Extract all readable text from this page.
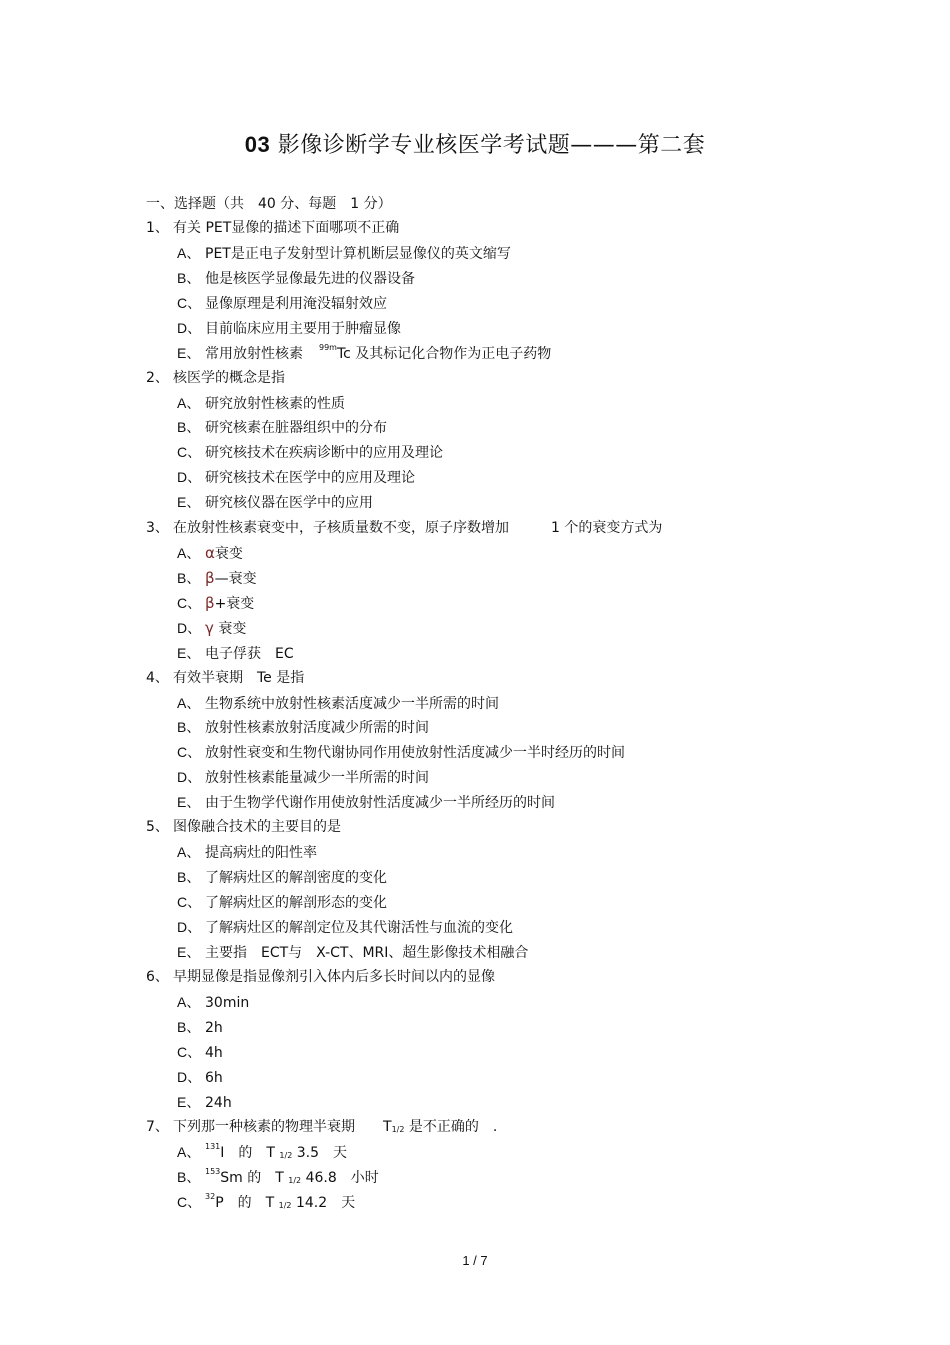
03 影像诊断学专业核医学考试题———第二套
一、选择题（共　40 分、每题　1 分）
1、 有关 PET显像的描述下面哪项不正确
A、 PET是正电子发射型计算机断层显像仪的英文缩写
B、 他是核医学显像最先进的仪器设备
C、 显像原理是利用淹没辐射效应
D、 目前临床应用主要用于肿瘤显像
E、 常用放射性核素 $^{99m}$Tc 及其标记化合物作为正电子药物
2、 核医学的概念是指
A、 研究放射性核素的性质
B、 研究核素在脏器组织中的分布
C、 研究核技术在疾病诊断中的应用及理论
D、 研究核技术在医学中的应用及理论
E、 研究核仪器在医学中的应用
3、 在放射性核素衰变中，子核质量数不变，原子序数增加　　　1 个的衰变方式为
A、 α衰变
B、 β—衰变
C、 β+衰变
D、 γ 衰变
E、 电子俘获　EC
4、 有效半衰期　Te 是指
A、 生物系统中放射性核素活度减少一半所需的时间
B、 放射性核素放射活度减少所需的时间
C、 放射性衰变和生物代谢协同作用使放射性活度减少一半时经历的时间
D、 放射性核素能量减少一半所需的时间
E、 由于生物学代谢作用使放射性活度减少一半所经历的时间
5、 图像融合技术的主要目的是
A、 提高病灶的阳性率
B、 了解病灶区的解剖密度的变化
C、 了解病灶区的解剖形态的变化
D、 了解病灶区的解剖定位及其代谢活性与血流的变化
E、 主要指　ECT与　X-CT、MRI、超生影像技术相融合
6、 早期显像是指显像剂引入体内后多长时间以内的显像
A、 30min
B、 2h
C、 4h
D、 6h
E、 24h
7、 下列那一种核素的物理半衰期　　$T_{1/2}$ 是不正确的　.
A、 $^{131}$I　的　T $_{1/2}$ 3.5　天
B、 $^{153}$Sm 的　T $_{1/2}$ 46.8　小时
C、 $^{32}$P　的　T $_{1/2}$ 14.2　天
1 / 7
